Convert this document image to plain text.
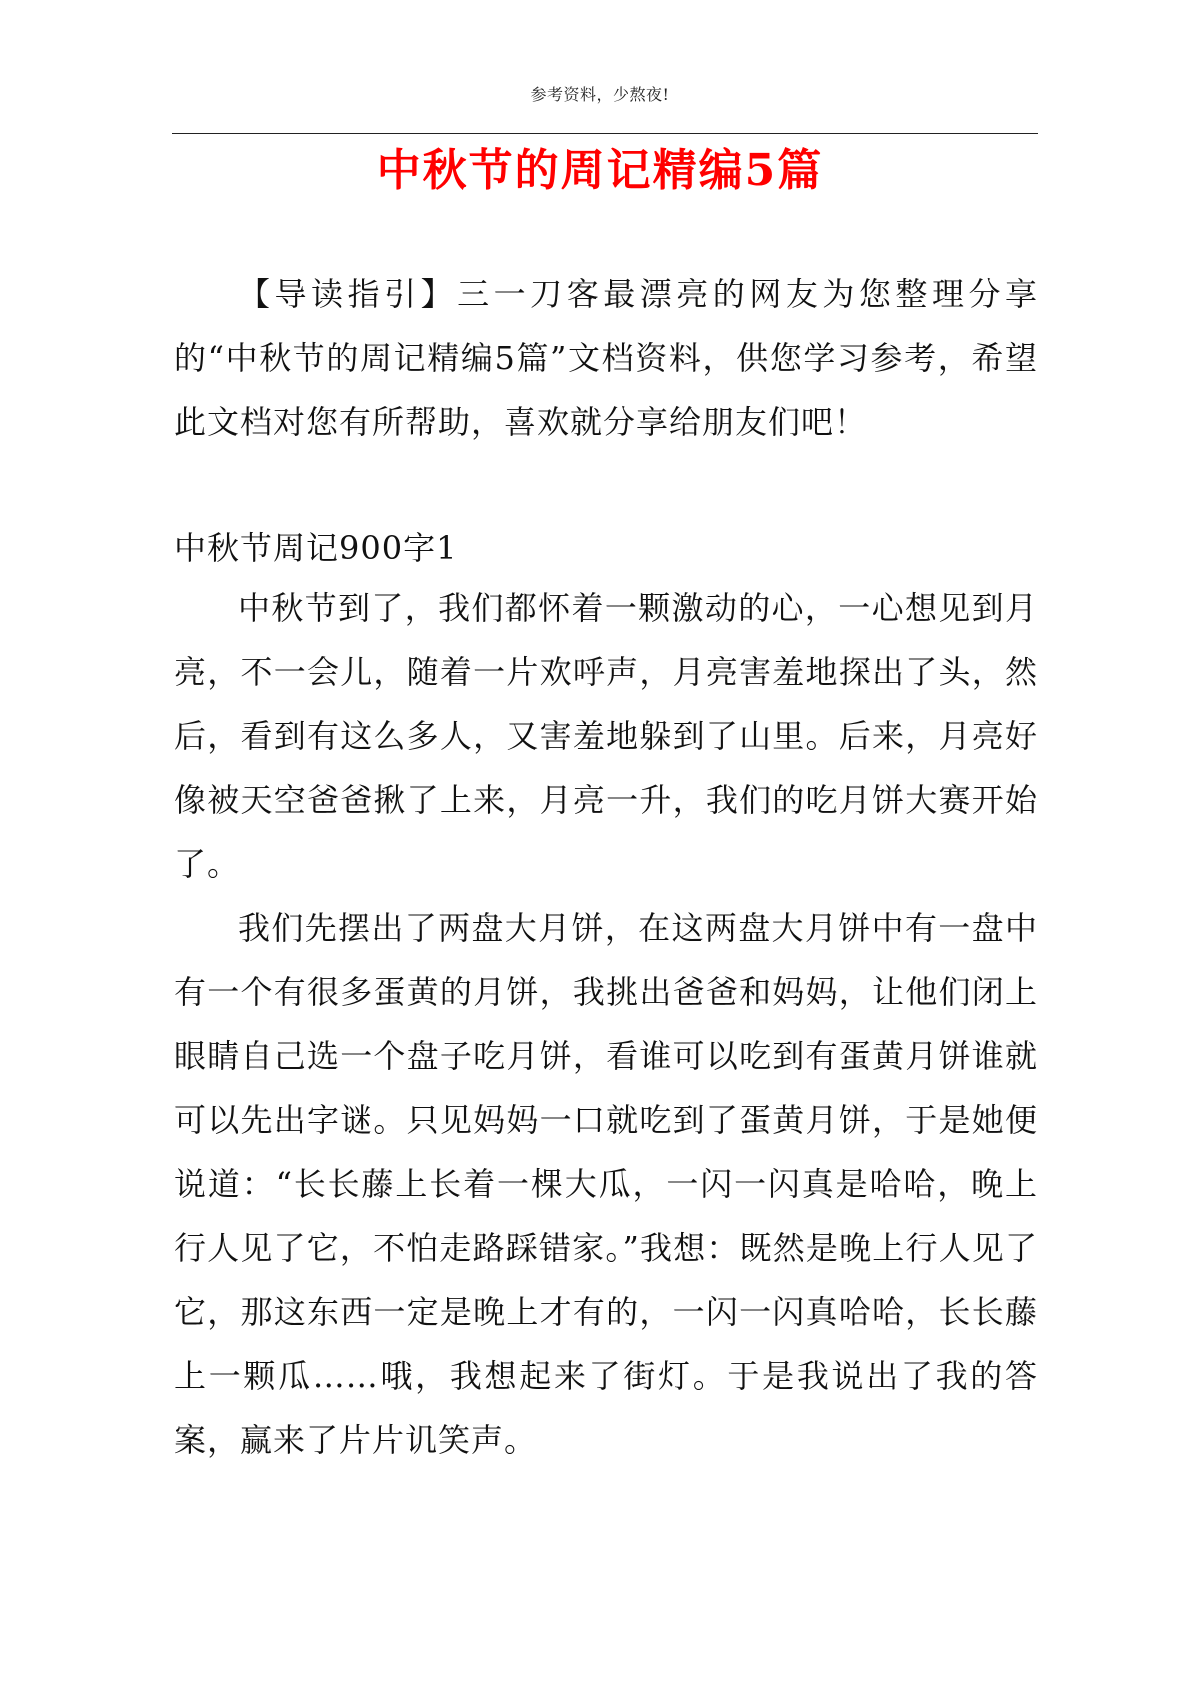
参考资料，少熬夜!
中秋节的周记精编5篇
【导读指引】三一刀客最漂亮的网友为您整理分享的“中秋节的周记精编5篇”文档资料，供您学习参考，希望此文档对您有所帮助，喜欢就分享给朋友们吧！
中秋节周记900字1
中秋节到了，我们都怀着一颗激动的心，一心想见到月亮，不一会儿，随着一片欢呼声，月亮害羞地探出了头，然后，看到有这么多人，又害羞地躲到了山里。后来，月亮好像被天空爸爸揪了上来，月亮一升，我们的吃月饼大赛开始了。
我们先摆出了两盘大月饼，在这两盘大月饼中有一盘中有一个有很多蛋黄的月饼，我挑出爸爸和妈妈，让他们闭上眼睛自己选一个盘子吃月饼，看谁可以吃到有蛋黄月饼谁就可以先出字谜。只见妈妈一口就吃到了蛋黄月饼，于是她便说道：“长长藤上长着一棵大瓜，一闪一闪真是哈哈，晚上行人见了它，不怕走路踩错家。”我想：既然是晚上行人见了它，那这东西一定是晚上才有的，一闪一闪真哈哈，长长藤上一颗瓜……哦，我想起来了街灯。于是我说出了我的答案，赢来了片片讥笑声。
